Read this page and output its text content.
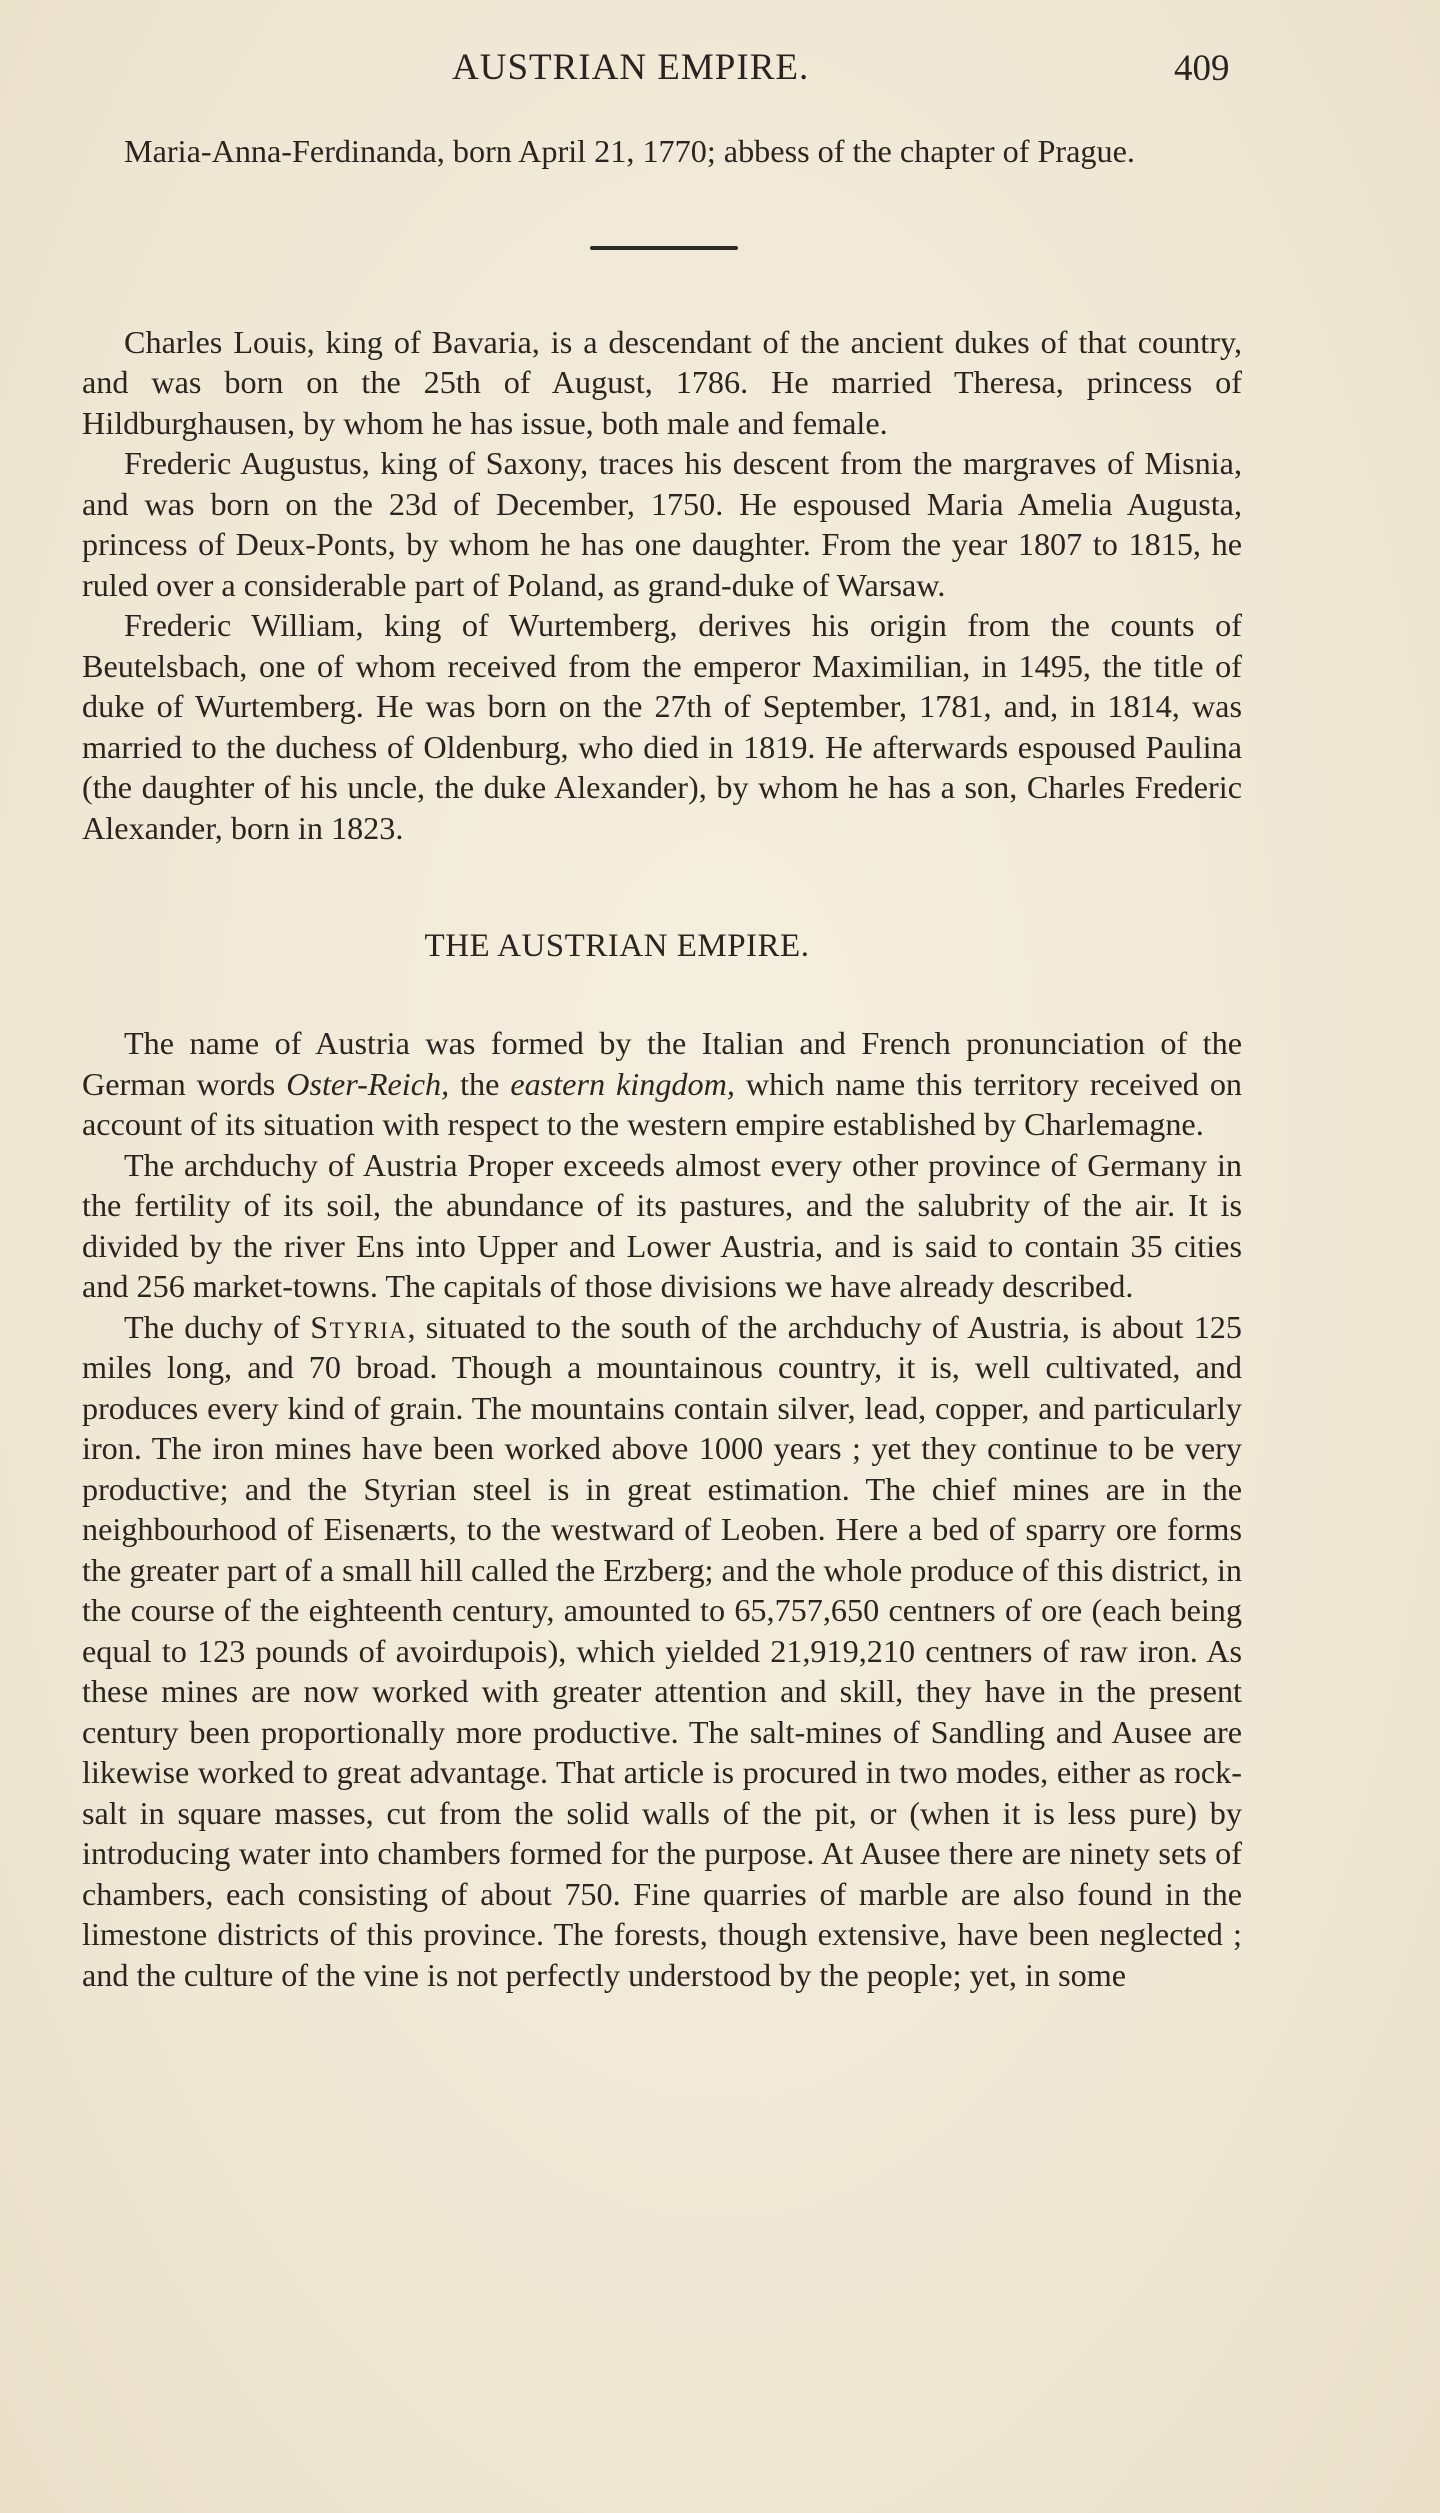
AUSTRIAN EMPIRE.	409

Maria-Anna-Ferdinanda, born April 21, 1770; abbess of the chapter of Prague.

Charles Louis, king of Bavaria, is a descendant of the ancient dukes of that country, and was born on the 25th of August, 1786. He married Theresa, princess of Hildburghausen, by whom he has issue, both male and female.

Frederic Augustus, king of Saxony, traces his descent from the margraves of Misnia, and was born on the 23d of December, 1750. He espoused Maria Amelia Augusta, princess of Deux-Ponts, by whom he has one daughter. From the year 1807 to 1815, he ruled over a considerable part of Poland, as grand-duke of Warsaw.

Frederic William, king of Wurtemberg, derives his origin from the counts of Beutelsbach, one of whom received from the emperor Maximilian, in 1495, the title of duke of Wurtemberg. He was born on the 27th of September, 1781, and, in 1814, was married to the duchess of Oldenburg, who died in 1819. He afterwards espoused Paulina (the daughter of his uncle, the duke Alexander), by whom he has a son, Charles Frederic Alexander, born in 1823.

THE AUSTRIAN EMPIRE.

The name of Austria was formed by the Italian and French pronunciation of the German words Oster-Reich, the eastern kingdom, which name this territory received on account of its situation with respect to the western empire established by Charlemagne.

The archduchy of Austria Proper exceeds almost every other province of Germany in the fertility of its soil, the abundance of its pastures, and the salubrity of the air. It is divided by the river Ens into Upper and Lower Austria, and is said to contain 35 cities and 256 market-towns. The capitals of those divisions we have already described.

The duchy of Styria, situated to the south of the archduchy of Austria, is about 125 miles long, and 70 broad. Though a mountainous country, it is, well cultivated, and produces every kind of grain. The mountains contain silver, lead, copper, and particularly iron. The iron mines have been worked above 1000 years ; yet they continue to be very productive; and the Styrian steel is in great estimation. The chief mines are in the neighbourhood of Eisenærts, to the westward of Leoben. Here a bed of sparry ore forms the greater part of a small hill called the Erzberg; and the whole produce of this district, in the course of the eighteenth century, amounted to 65,757,650 centners of ore (each being equal to 123 pounds of avoirdupois), which yielded 21,919,210 centners of raw iron. As these mines are now worked with greater attention and skill, they have in the present century been proportionally more productive. The salt-mines of Sandling and Ausee are likewise worked to great advantage. That article is procured in two modes, either as rock-salt in square masses, cut from the solid walls of the pit, or (when it is less pure) by introducing water into chambers formed for the purpose. At Ausee there are ninety sets of chambers, each consisting of about 750. Fine quarries of marble are also found in the limestone districts of this province. The forests, though extensive, have been neglected ; and the culture of the vine is not perfectly understood by the people; yet, in some
